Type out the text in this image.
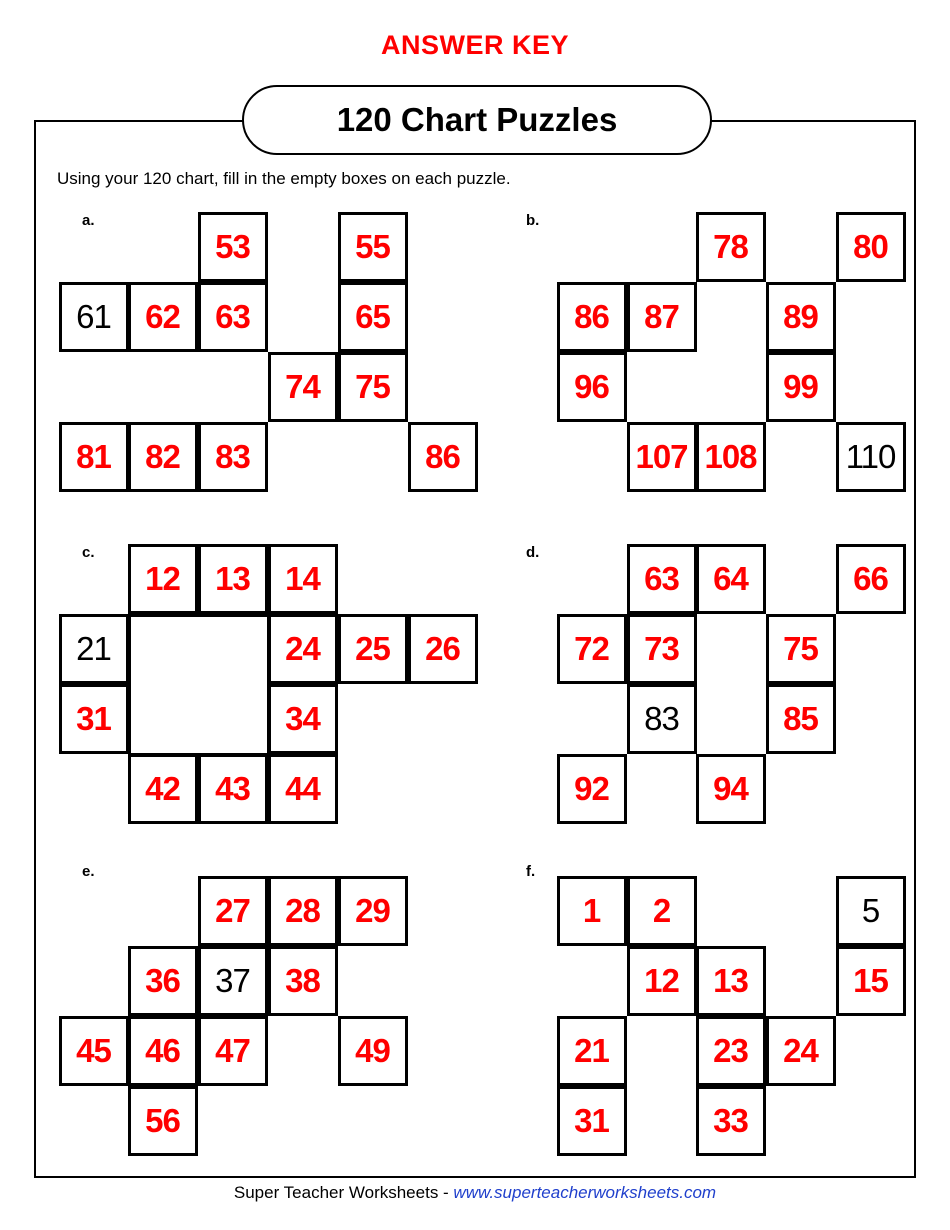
ANSWER KEY
120 Chart Puzzles
Using your 120 chart, fill in the empty boxes on each puzzle.
a.
53	55
61 62 63	65
74 75
81 82 83	86
b.
78	80
86 87	89
96	99
107 108	110
c.
12 13 14
21	24 25 26
31	34
42 43 44
d.
63 64	66
72 73	75
83	85
92	94
e.
27 28 29
36 37 38
45 46 47	49
56
f.
1 2	5
12 13	15
21	23 24
31	33
Super Teacher Worksheets - www.superteacherworksheets.com
